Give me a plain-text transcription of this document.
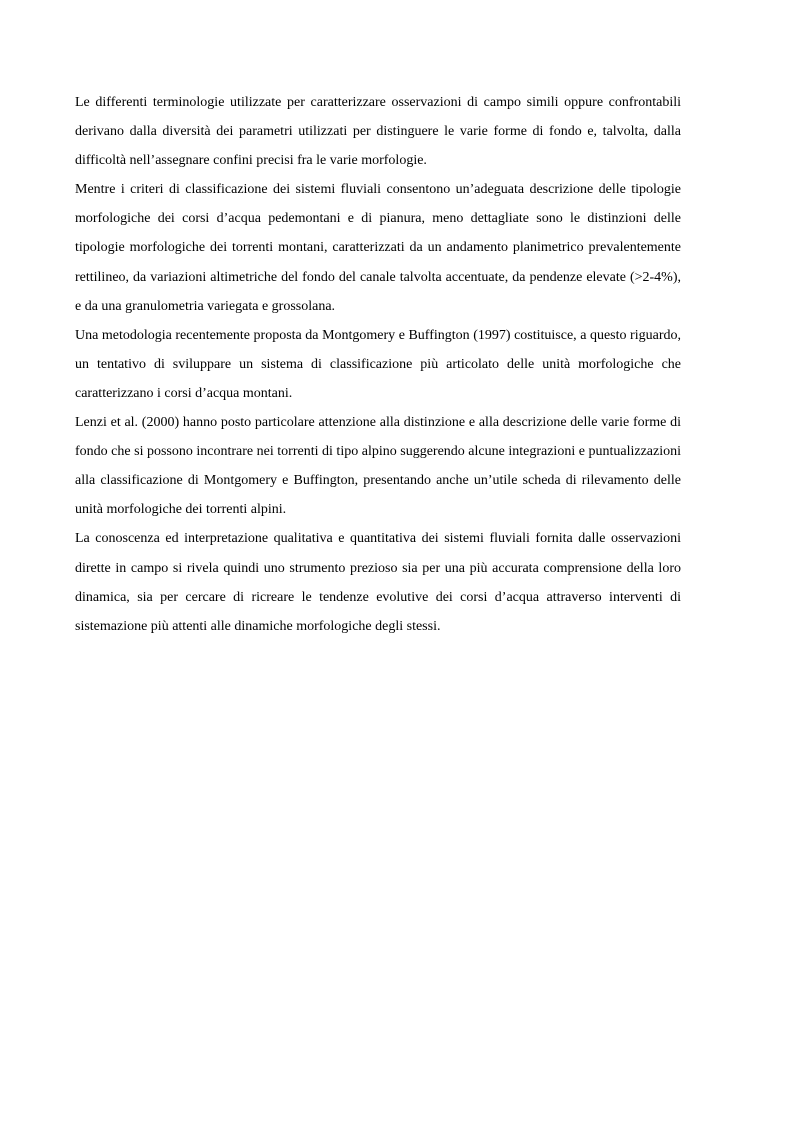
Le differenti terminologie utilizzate per caratterizzare osservazioni di campo simili oppure confrontabili derivano dalla diversità dei parametri utilizzati per distinguere le varie forme di fondo e, talvolta, dalla difficoltà nell’assegnare confini precisi fra le varie morfologie.

Mentre i criteri di classificazione dei sistemi fluviali consentono un’adeguata descrizione delle tipologie morfologiche dei corsi d’acqua pedemontani e di pianura, meno dettagliate sono le distinzioni delle tipologie morfologiche dei torrenti montani, caratterizzati da un andamento planimetrico prevalentemente rettilineo, da variazioni altimetriche del fondo del canale talvolta accentuate, da pendenze elevate (>2-4%), e da una granulometria variegata e grossolana.

Una metodologia recentemente proposta da Montgomery e Buffington (1997) costituisce, a questo riguardo, un tentativo di sviluppare un sistema di classificazione più articolato delle unità morfologiche che caratterizzano i corsi d’acqua montani.

Lenzi et al. (2000) hanno posto particolare attenzione alla distinzione e alla descrizione delle varie forme di fondo che si possono incontrare nei torrenti di tipo alpino suggerendo alcune integrazioni e puntualizzazioni alla classificazione di Montgomery e Buffington, presentando anche un’utile scheda di rilevamento delle unità morfologiche dei torrenti alpini.

La conoscenza ed interpretazione qualitativa e quantitativa dei sistemi fluviali fornita dalle osservazioni dirette in campo si rivela quindi uno strumento prezioso sia per una più accurata comprensione della loro dinamica, sia per cercare di ricreare le tendenze evolutive dei corsi d’acqua attraverso interventi di sistemazione più attenti alle dinamiche morfologiche degli stessi.
